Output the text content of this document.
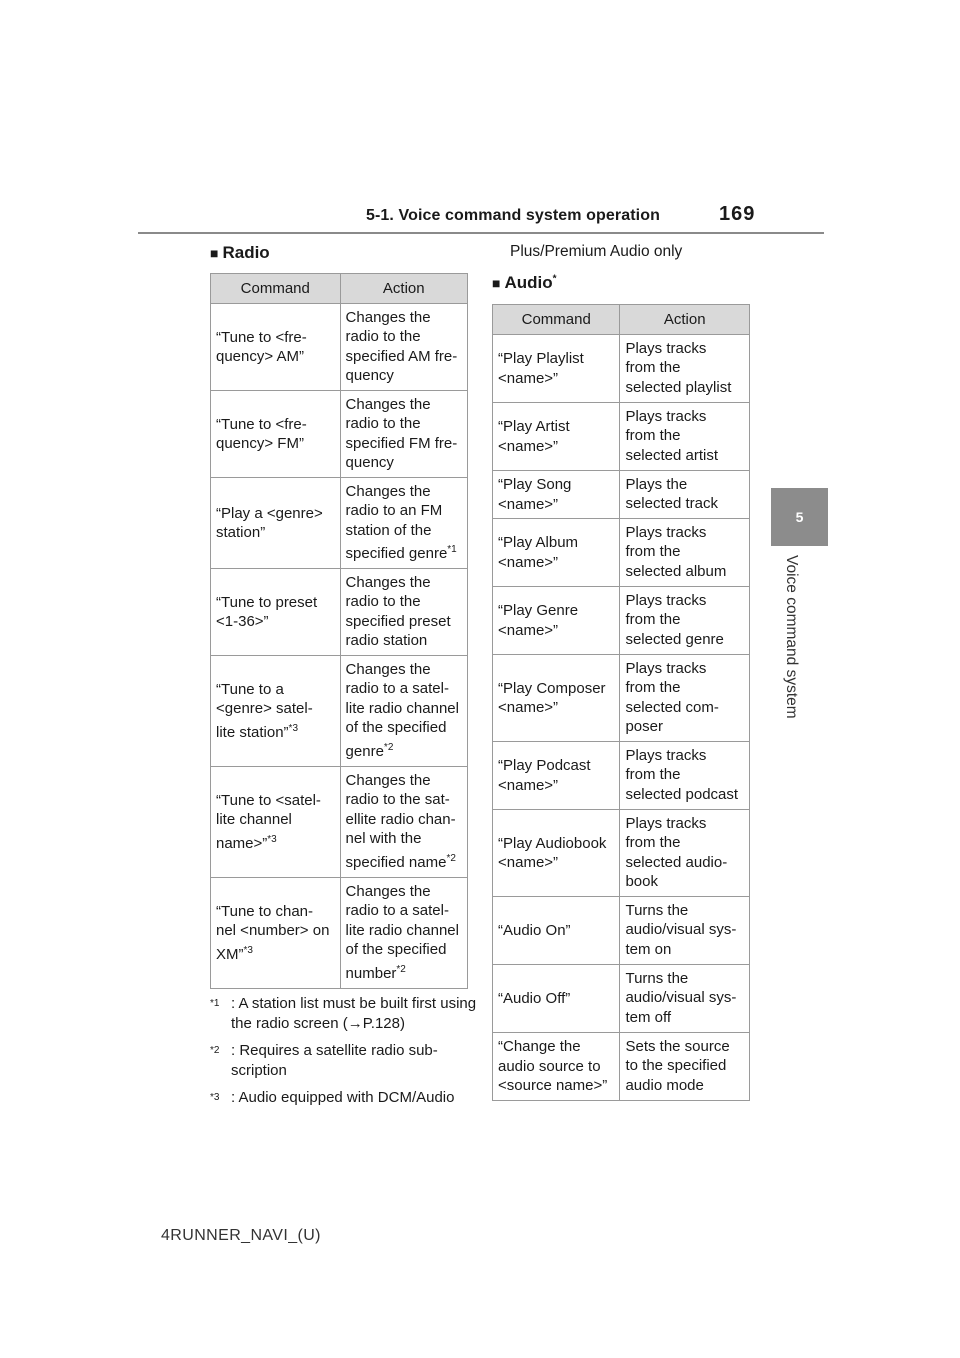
5-1. Voice command system operation	169
5
Voice command system
■ Radio
Command	Action
“Tune to <fre-
quency> AM”	Changes the
radio to the
specified AM fre-
quency
“Tune to <fre-
quency> FM”	Changes the
radio to the
specified FM fre-
quency
“Play a <genre>
station”	Changes the
radio to an FM
station of the
specified genre$^{*1}$
“Tune to preset
<1-36>”	Changes the
radio to the
specified preset
radio station
“Tune to a
<genre> satel-
lite station”$^{*3}$	Changes the
radio to a satel-
lite radio channel
of the specified
genre$^{*2}$
“Tune to <satel-
lite channel
name>”$^{*3}$	Changes the
radio to the sat-
ellite radio chan-
nel with the
specified name$^{*2}$
“Tune to chan-
nel <number> on
XM”$^{*3}$	Changes the
radio to a satel-
lite radio channel
of the specified
number$^{*2}$
$^{*1}$ : A station list must be built first using the radio screen (→P.128)
$^{*2}$ : Requires a satellite radio sub-scription
$^{*3}$ : Audio equipped with DCM/Audio
Plus/Premium Audio only
■ Audio*
Command	Action
“Play Playlist
<name>”	Plays tracks
from the
selected playlist
“Play Artist
<name>”	Plays tracks
from the
selected artist
“Play Song
<name>”	Plays the
selected track
“Play Album
<name>”	Plays tracks
from the
selected album
“Play Genre
<name>”	Plays tracks
from the
selected genre
“Play Composer
<name>”	Plays tracks
from the
selected com-
poser
“Play Podcast
<name>”	Plays tracks
from the
selected podcast
“Play Audiobook
<name>”	Plays tracks
from the
selected audio-
book
“Audio On”	Turns the
audio/visual sys-
tem on
“Audio Off”	Turns the
audio/visual sys-
tem off
“Change the
audio source to
<source name>”	Sets the source
to the specified
audio mode
4RUNNER_NAVI_(U)
